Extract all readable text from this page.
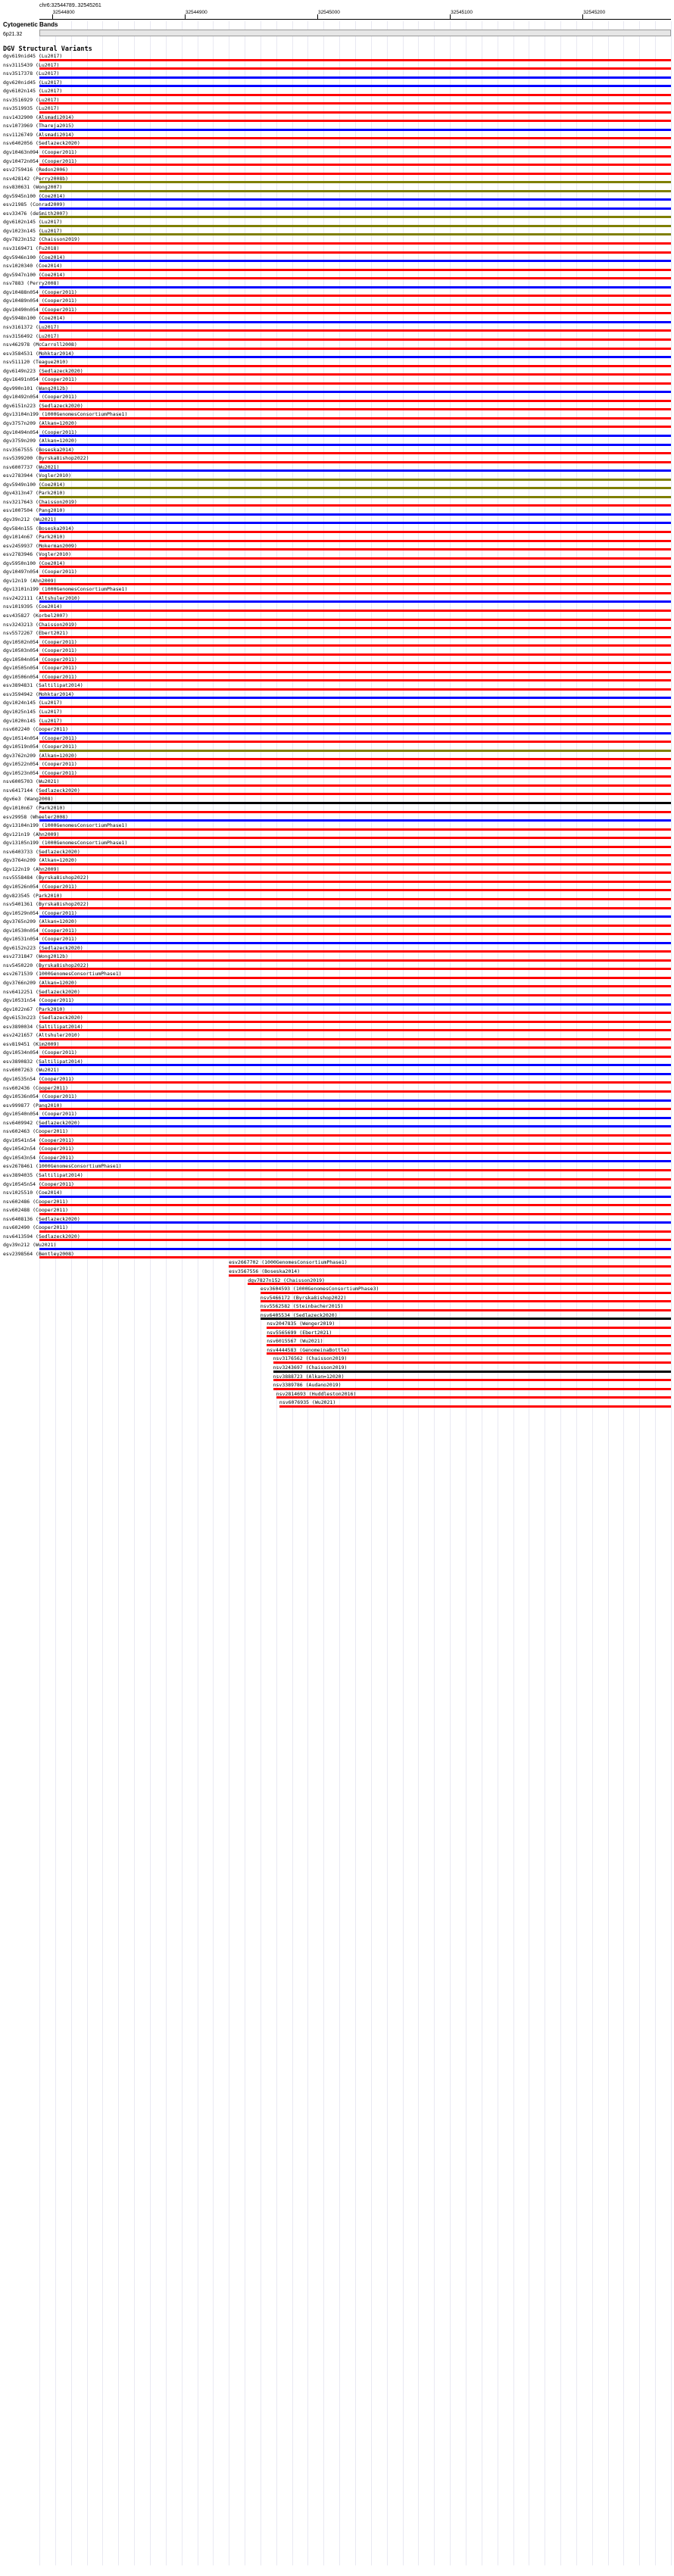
chr6:32544789..32545261
32544800	32544900	32545000	32545100	32545200
Cytogenetic Bands
6p21.32
DGV Structural Variants
dgv619nid45 (Lu2017)
nsv3115439 (Lu2017)
nsv3517378 (Lu2017)
dgv620nid45 (Lu2017)
dgv6102n145 (Lu2017)
nsv3516929 (Lu2017)
nsv3519935 (Lu2017)
nsv1432900 (Alsmadi2014)
nsv1073969 (Thareja2015)
nsv1126749 (Alsmadi2014)
nsv6402056 (Sedlazeck2020)
dgv10463n094 (Cooper2011)
dgv10472n054 (Cooper2011)
esv2759416 (Redon2006)
nsv428142 (Perry2008b)
nsv830631 (Wong2007)
dgv5945n100 (Coe2014)
esv21985 (Conrad2009)
esv33476 (deSmith2007)
dgv6102n145 (Lu2017)
dgv1023n145 (Lu2017)
dgv7823n152 (Chaisson2019)
nsv3169471 (Fu2018)
dgv5946n100 (Coe2014)
nsv1020340 (Coe2014)
dgv5947n100 (Coe2014)
nsv7883 (Perry2008)
dgv10488n054 (Cooper2011)
dgv10489n054 (Cooper2011)
dgv10490n054 (Cooper2011)
dgv5948n100 (Coe2014)
nsv3161372 (Lu2017)
nsv3156492 (Lu2017)
nsv462978 (McCarroll2008)
esv3584531 (Mohktar2014)
nsv511120 (Teague2010)
dgv6149n223 (Sedlazeck2020)
dgv16491n054 (Cooper2011)
dgv990n101 (Wang2012b)
dgv10492n054 (Cooper2011)
dgv6151n223 (Sedlazeck2020)
dgv13104n199 (1000GenomesConsortiumPhase1)
dgv3757n209 (Alkan=12020)
dgv10494n054 (Cooper2011)
dgv3759n209 (Alkan=12020)
nsv3567555 (Boseska2014)
nsv5399200 (Byrska8ishop2022)
nsv6007737 (Wu2021)
esv2783944 (Vogler2010)
dgv5949n100 (Coe2014)
dgv4313n47 (Park2010)
nsv3217643 (Chaisson2019)
esv1007504 (Pang2010)
dgv39n212 (Wu2021)
dgv584n155 (Boseska2014)
dgv1014n67 (Park2010)
esv2459937 (Mokerman2009)
esv2783946 (Vogler2010)
dgv5950n100 (Coe2014)
dgv10497n054 (Cooper2011)
dgv12n19 (Ahn2009)
dgv13101n199 (1000GenomesConsortiumPhase1)
nsv2422111 (Altshuler2010)
nsv1019395 (Coe2014)
esv435827 (Korbel2007)
nsv3243213 (Chaisson2019)
nsv5572267 (Ebert2021)
dgv10502n054 (Cooper2011)
dgv10503n054 (Cooper2011)
dgv10504n054 (Cooper2011)
dgv10505n054 (Cooper2011)
dgv10506n054 (Cooper2011)
esv3894831 (Saltilipat2014)
esv3594942 (Mohktar2014)
dgv1024n145 (Lu2017)
dgv1025n145 (Lu2017)
dgv1020n145 (Lu2017)
nsv602240 (Cooper2011)
dgv10514n054 (Cooper2011)
dgv10519n054 (Cooper2011)
dgv3762n209 (Alkan=12020)
dgv10522n054 (Cooper2011)
dgv10523n054 (Cooper2011)
nsv6005703 (Wu2021)
nsv6417144 (Sedlazeck2020)
dgv6e3 (Wang2008)
dgv1010n67 (Park2010)
esv29958 (Wheeler2008)
dgv13104n199 (1000GenomesConsortiumPhase1)
dgv121n19 (Ahn2009)
dgv13105n199 (1000GenomesConsortiumPhase1)
nsv6403733 (Sedlazeck2020)
dgv3764n209 (Alkan=12020)
dgv122n19 (Ahn2009)
nsv5558484 (Byrska8ishop2022)
dgv10526n054 (Cooper2011)
dgv823545 (Park2010)
nsv5401361 (Byrska8ishop2022)
dgv10529n054 (Cooper2011)
dgv3765n209 (Alkan=12020)
dgv10530n054 (Cooper2011)
dgv10531n054 (Cooper2011)
dgv6152n223 (Sedlazeck2020)
esv2731847 (Wong2012b)
nsv5450220 (Byrska8ishop2022)
esv2671539 (1000GenomesConsortiumPhase1)
dgv3766n209 (Alkan=12020)
nsv6412251 (Sedlazeck2020)
dgv10531n54 (Cooper2011)
dgv1022n67 (Park2010)
dgv6153n223 (Sedlazeck2020)
esv3890034 (Saltilipat2014)
esv2421657 (Altshuler2010)
esv819451 (Kim2009)
dgv10534n054 (Cooper2011)
esv3890832 (Saltilipat2014)
nsv6007263 (Wu2021)
dgv10535n54 (Cooper2011)
nsv602436 (Cooper2011)
dgv10536n054 (Cooper2011)
esv999877 (Pang2010)
dgv10540n054 (Cooper2011)
nsv6409942 (Sedlazeck2020)
nsv602463 (Cooper2011)
dgv10541n54 (Cooper2011)
dgv10542n54 (Cooper2011)
dgv10543n54 (Cooper2011)
esv2678461 (1000GenomesConsortiumPhase1)
esv3894035 (Saltilipat2014)
dgv10545n54 (Cooper2011)
nsv1025510 (Coe2014)
nsv602486 (Cooper2011)
nsv602488 (Cooper2011)
nsv6408136 (Sedlazeck2020)
nsv602490 (Cooper2011)
nsv6413594 (Sedlazeck2020)
dgv39n212 (Wu2021)
esv2398564 (Bentley2008)
esv2667702 (1000GenomesConsortiumPhase1)
esv3567556 (Boseska2014)
dgv7827n152 (Chaisson2019)
esv3604593 (1000GenomesConsortiumPhase3)
nsv5466172 (Byrska8ishop2022)
nsv5562582 (Steinbacher2015)
nsv6405534 (Sedlazeck2020)
nsv2047835 (Wenger2019)
nsv5565699 (Ebert2021)
nsv6015567 (Wu2021)
nsv4444583 (GenomeinaBottle)
nsv3176562 (Chaisson2019)
nsv3243697 (Chaisson2019)
nsv3888723 (Alkan=12020)
nsv3389786 (Audano2019)
nsv2814693 (Huddleston2016)
nsv6076935 (Wu2021)
